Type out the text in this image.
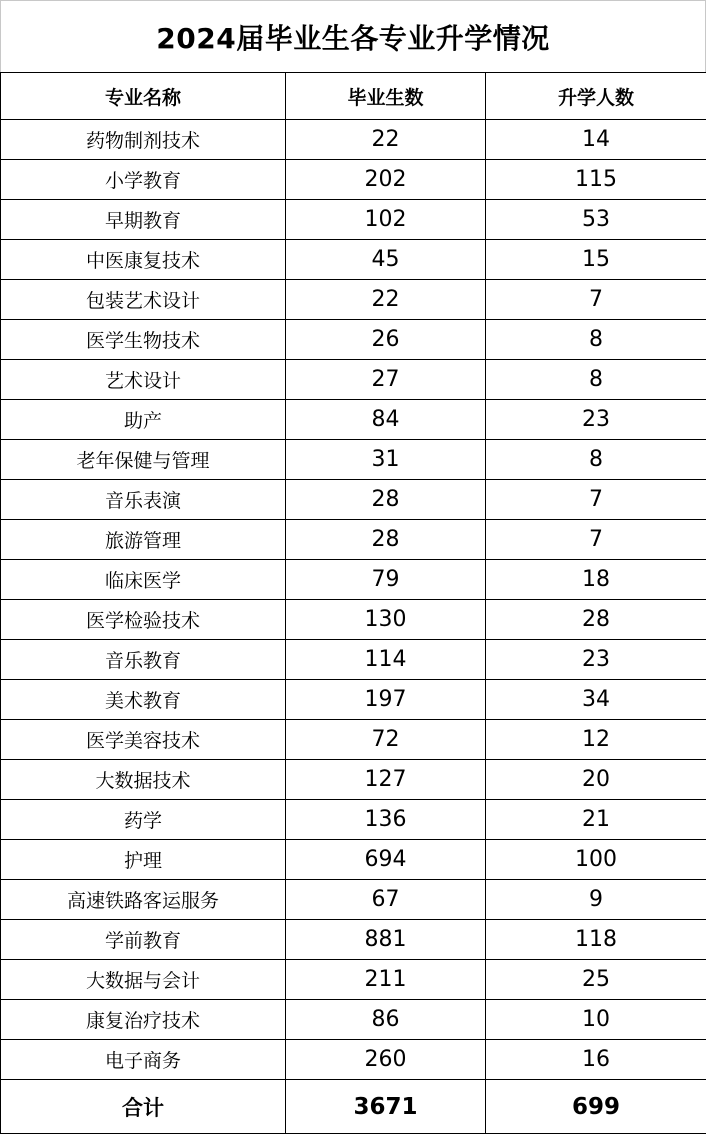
2024届毕业生各专业升学情况
专业名称	毕业生数	升学人数
药物制剂技术	22	14
小学教育	202	115
早期教育	102	53
中医康复技术	45	15
包装艺术设计	22	7
医学生物技术	26	8
艺术设计	27	8
助产	84	23
老年保健与管理	31	8
音乐表演	28	7
旅游管理	28	7
临床医学	79	18
医学检验技术	130	28
音乐教育	114	23
美术教育	197	34
医学美容技术	72	12
大数据技术	127	20
药学	136	21
护理	694	100
高速铁路客运服务	67	9
学前教育	881	118
大数据与会计	211	25
康复治疗技术	86	10
电子商务	260	16
合计	3671	699
